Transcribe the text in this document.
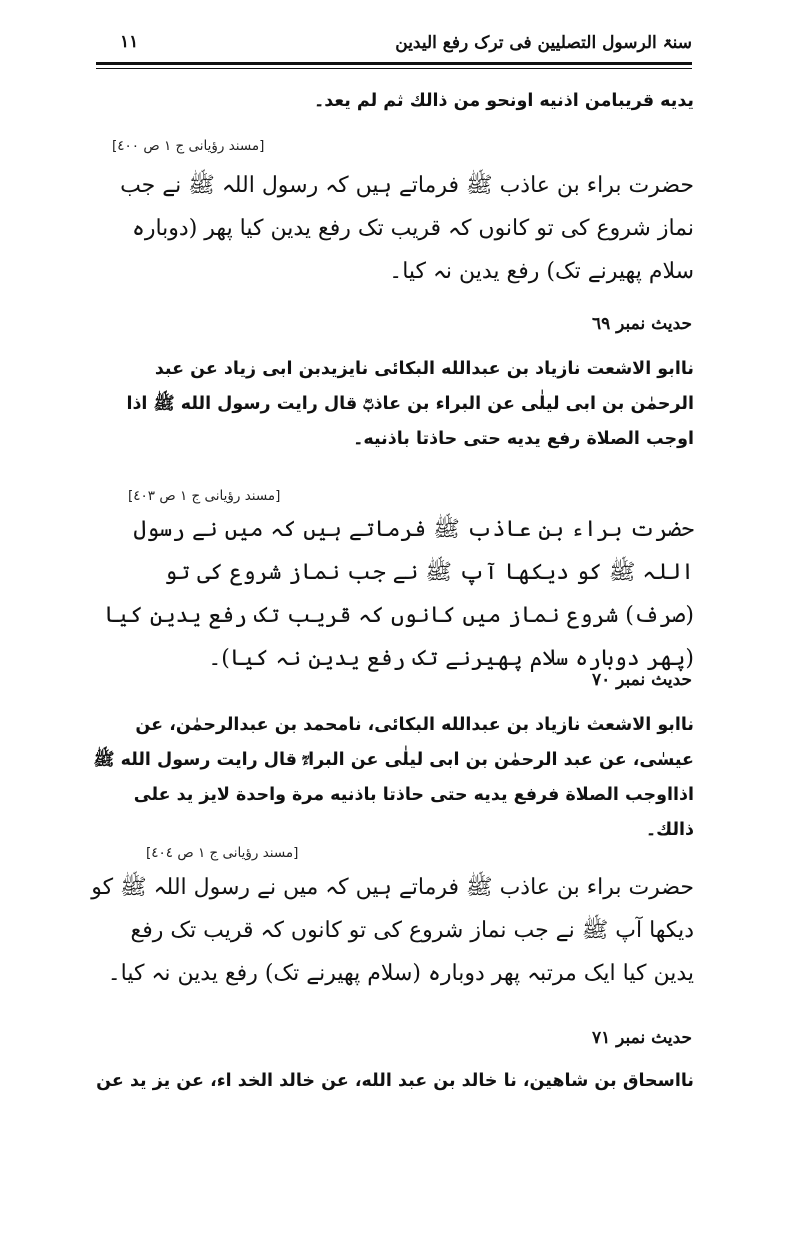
سنۃ الرسول التصلیین فی ترک رفع الیدین
۱۱
یدیه قریبامن اذنیه اونحو من ذالك ثم لم یعد۔
[مسند رؤیانی ج ۱ ص ٤٠٠]
حضرت براء بن عاذب ﷺ فرماتے ہیں کہ رسول اللہ ﷺ نے جب نماز شروع کی تو کانوں کہ قریب تک رفع یدین کیا پھر (دوبارہ سلام پھیرنے تک) رفع یدین نہ کیا۔
حدیث نمبر ٦٩
ناابو الاشعت نازیاد بن عبدالله البکائی نایزیدبن ابی زیاد عن عبد الرحمٰن بن ابی لیلٰی عن البراء بن عاذبؓ قال رایت رسول الله ﷺ اذا اوجب الصلاة رفع یدیه حتی حاذتا باذنیه۔
[مسند رؤیانی ج ۱ ص ٤٠٣]
حضرت براء بن عاذب ﷺ فرماتے ہیں کہ میں نے رسول اللہ ﷺ کو دیکھا آپ ﷺ نے جب نماز شروع کی تو (صرف) شروع نماز میں کانوں کہ قریب تک رفع یدین کیا (پھر دوبارہ سلام پھیرنے تک رفع یدین نہ کیا)۔
حدیث نمبر ٧٠
ناابو الاشعث نازیاد بن عبدالله البکائی، نامحمد بن عبدالرحمٰن، عن عیسٰی، عن عبد الرحمٰن بن ابی لیلٰی عن البراءؓ قال رایت رسول الله ﷺ اذااوجب الصلاة فرفع یدیه حتی حاذتا باذنیه مرة واحدة لایز ید علی ذالك۔
[مسند رؤیانی ج ۱ ص ٤٠٤]
حضرت براء بن عاذب ﷺ فرماتے ہیں کہ میں نے رسول اللہ ﷺ کو دیکھا آپ ﷺ نے جب نماز شروع کی تو کانوں کہ قریب تک رفع یدین کیا ایک مرتبہ پھر دوبارہ (سلام پھیرنے تک) رفع یدین نہ کیا۔
حدیث نمبر ٧١
نااسحاق بن شاهین، نا خالد بن عبد الله، عن خالد الخد اء، عن یز ید عن
